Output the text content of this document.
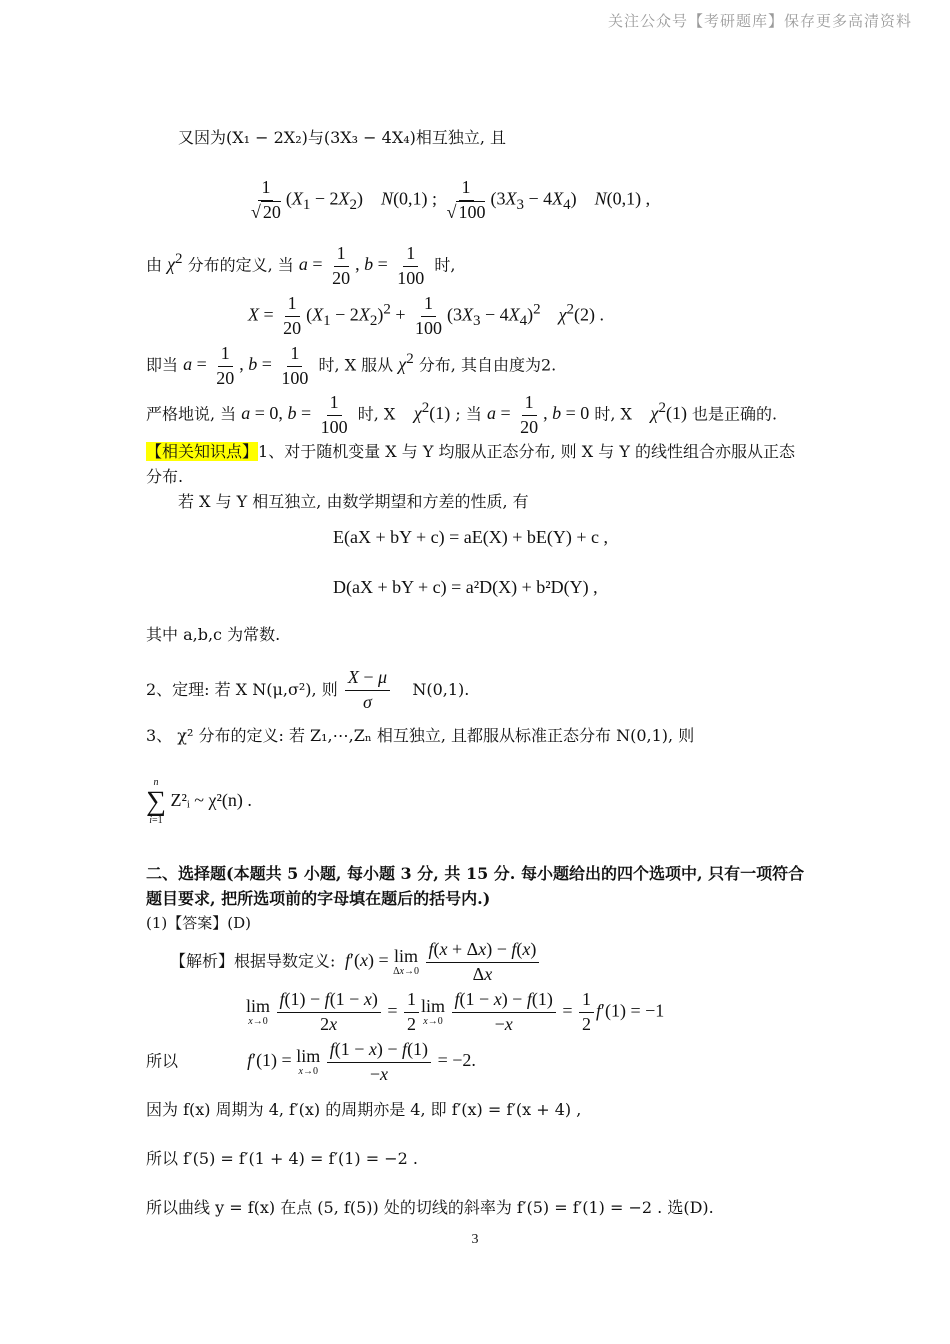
关注公众号【考研题库】保存更多高清资料
又因为(X₁ − 2X₂)与(3X₃ − 4X₄)相互独立, 且
$\frac{1}{√ 20} (X_1 - 2X_2)$    N(0,1) ; $\frac{1}{√ 100} (3X_3 - 4X_4)$    N(0,1) ,
由 $\chi^2$ 分布的定义, 当 $a = \frac{1}{20}$ , $b = \frac{1}{100}$ 时,
$X = \frac{1}{20} (X_1 - 2X_2)^2 + \frac{1}{100} (3X_3 - 4X_4)^2$ $\chi^2(2)$ .
即当 $a = \frac{1}{20}$ , $b = \frac{1}{100}$ 时, X 服从 $\chi^2$ 分布, 其自由度为2.
严格地说, 当 a = 0, $b = \frac{1}{100}$ 时, X $\chi^2(1)$ ; 当 $a = \frac{1}{20}$ , b = 0 时, X $\chi^2(1)$ 也是正确的.
【相关知识点】1、对于随机变量 X 与 Y 均服从正态分布, 则 X 与 Y 的线性组合亦服从正态
分布.
若 X 与 Y 相互独立, 由数学期望和方差的性质, 有
E(aX + bY + c) = aE(X) + bE(Y) + c ,
D(aX + bY + c) = a²D(X) + b²D(Y) ,
其中 a,b,c 为常数.
2、定理: 若 X N(μ,σ²), 则 $\frac{X - \mu}{\sigma} N(0,1)$.
3、 χ² 分布的定义: 若 Z₁,⋯,Zₙ 相互独立, 且都服从标准正态分布 N(0,1), 则
n
∑
i=1
Z²ᵢ ~ χ²(n) .
二、选择题(本题共 5 小题, 每小题 3 分, 共 15 分. 每小题给出的四个选项中, 只有一项符合
题目要求, 把所选项前的字母填在题后的括号内.)
(1)【答案】(D)
【解析】根据导数定义: f′(x) = lim
Δx→0
$\frac{f(x + \Delta x) - f(x)}{\Delta x}$
lim
x→0
$\frac{f(1) - f(1 - x)}{2x} = \frac{1}{2}$ lim
x→0
$\frac{f(1 - x) - f(1)}{-x} = \frac{1}{2} f'(1) = -1$
所以	f′(1) = lim
x→0
$\frac{f(1 - x) - f(1)}{-x} = -2$.
因为 f(x) 周期为 4, f′(x) 的周期亦是 4, 即 f′(x) = f′(x + 4) ,
所以 f′(5) = f′(1 + 4) = f′(1) = −2 .
所以曲线 y = f(x) 在点 (5, f(5)) 处的切线的斜率为 f′(5) = f′(1) = −2 . 选(D).
3
